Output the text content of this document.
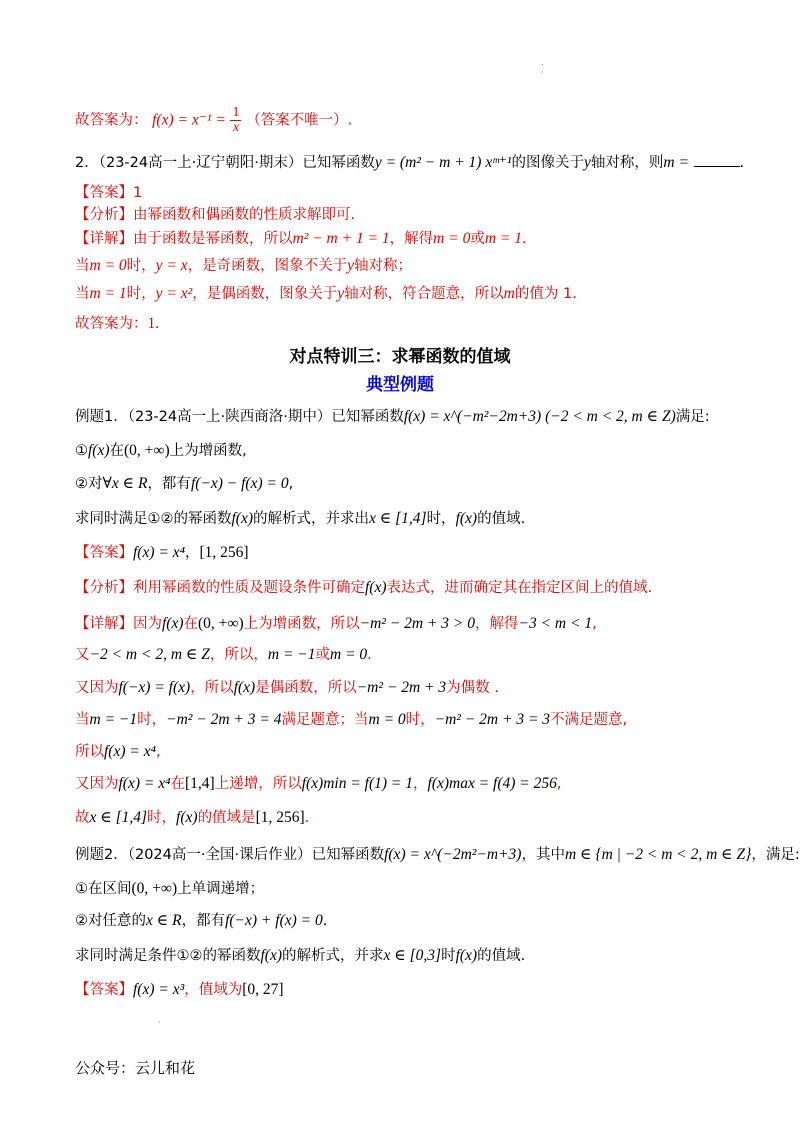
.
·
故答案为： $f(x) = x^{-1} = \frac{1}{x}$ （答案不唯一）.
2．（23-24高一上·辽宁朝阳·期末）已知幂函数y = (m² − m + 1) xᵐ⁺¹的图像关于y轴对称，则m =	.
【答案】1
【分析】由幂函数和偶函数的性质求解即可.
【详解】由于函数是幂函数，所以m² − m + 1 = 1，解得m = 0或m = 1.
当m = 0时，y = x，是奇函数，图象不关于y轴对称；
当m = 1时，y = x²，是偶函数，图象关于y轴对称，符合题意，所以m的值为 1.
故答案为：1.
对点特训三：求幂函数的值域
典型例题
例题1．（23-24高一上·陕西商洛·期中）已知幂函数f(x) = x^(−m²−2m+3) (−2 < m < 2, m ∈ Z)满足:
①f(x)在(0, +∞)上为增函数,
②对∀x ∈ R，都有f(−x) − f(x) = 0,
求同时满足①②的幂函数f(x)的解析式，并求出x ∈ [1,4]时，f(x)的值域.
【答案】f(x) = x⁴，[1, 256]
【分析】利用幂函数的性质及题设条件可确定f(x)表达式，进而确定其在指定区间上的值域.
【详解】因为f(x)在(0, +∞)上为增函数，所以−m² − 2m + 3 > 0，解得−3 < m < 1,
又−2 < m < 2, m ∈ Z，所以，m = −1或m = 0.
又因为f(−x) = f(x)，所以f(x)是偶函数，所以−m² − 2m + 3为偶数 .
当m = −1时，−m² − 2m + 3 = 4满足题意；当m = 0时，−m² − 2m + 3 = 3不满足题意,
所以f(x) = x⁴,
又因为f(x) = x⁴在[1,4]上递增，所以f(x)min = f(1) = 1，f(x)max = f(4) = 256,
故x ∈ [1,4]时，f(x)的值域是[1, 256].
例题2．（2024高一·全国·课后作业）已知幂函数f(x) = x^(−2m²−m+3)，其中m ∈ {m | −2 < m < 2, m ∈ Z}，满足:
①在区间(0, +∞)上单调递增；
②对任意的x ∈ R，都有f(−x) + f(x) = 0.
求同时满足条件①②的幂函数f(x)的解析式，并求x ∈ [0,3]时f(x)的值域.
【答案】f(x) = x³，值域为[0, 27]
·
公众号：云儿和花
